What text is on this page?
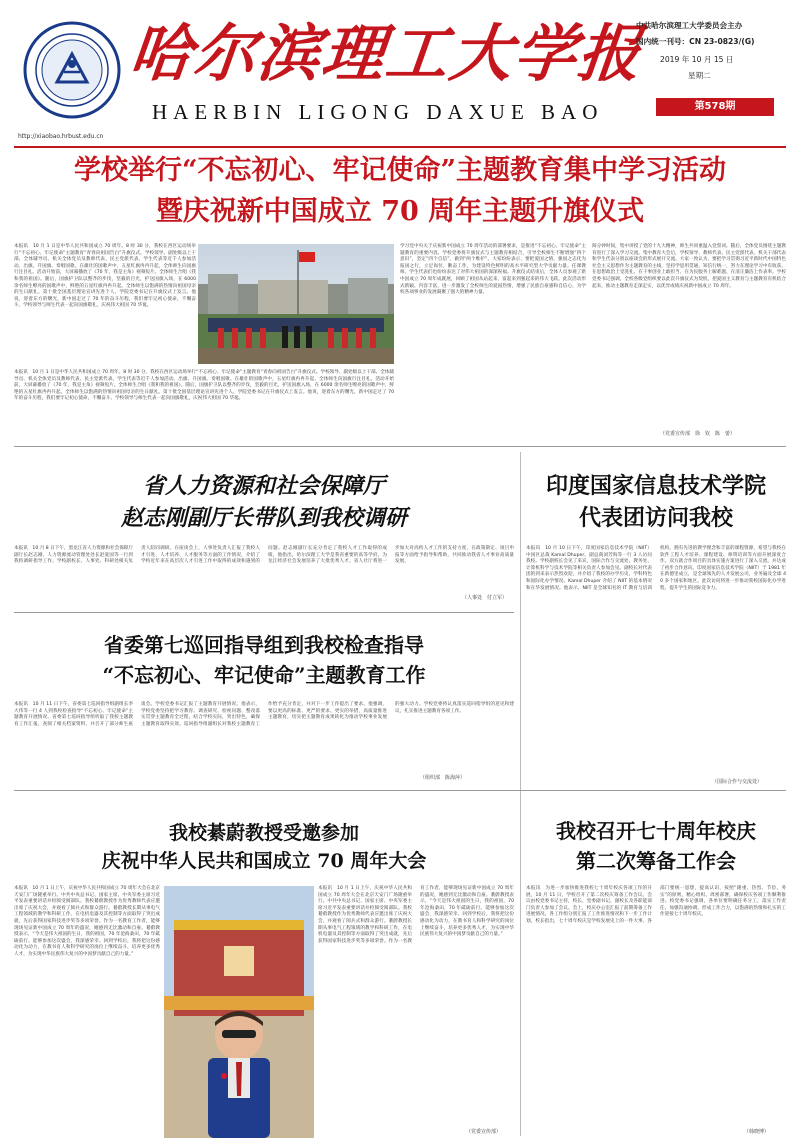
http://xiaobao.hrbust.edu.cn
哈尔滨理工大学报
HAERBIN LIGONG DAXUE BAO
中共哈尔滨理工大学委员会主办
国内统一刊号：CN 23-0823/(G)
2019 年 10 月 15 日
星期二
第578期
学校举行“不忘初心、牢记使命”主题教育集中学习活动
暨庆祝新中国成立 70 周年主题升旗仪式
本报讯　10 月 1 日是中华人民共和国成立 70 周年。8 时 30 分，我校在西区运动场举行“不忘初心、牢记使命”主题教育“青春向祖国告白”升旗仪式。学校领导、副处级以上干部、全体辅导员、机关全体党员及教师代表、民主党派代表、学生代表等近千人参加活动。出旗、升国旗、奏唱国歌。在雄壮的国歌声中，五星红旗冉冉升起，全体师生向国旗行注目礼。活动开始前，大屏幕播放了《70 年，我是主角》视频短片。全体师生合唱《我和我的祖国》。随后，国旗护卫队以整齐的步伐，坚毅的目光，护送国旗入场，在 6000 余名师生嘹亮的国歌声中，鲜艳的五星红旗冉冉升起。全体师生以饱满的热情向祖国母亲的生日献礼。第十批全国基层理论宣讲先进个人、学院党委书记在升旗仪式上发言。他说，迎着东方的曙光，新中国走过了 70 年的奋斗历程，我们要牢记初心使命，不懈奋斗。学校领导与师生代表一起向国旗敬礼，庆祝伟大祖国 70 华诞。
本报讯　10 月 1 日是中华人民共和国成立 70 周年。8 时 30 分，我校在西区运动场举行“不忘初心、牢记使命”主题教育“青春向祖国告白”升旗仪式。学校领导、副处级以上干部、全体辅导员、机关全体党员及教师代表、民主党派代表、学生代表等近千人参加活动。出旗、升国旗、奏唱国歌。在雄壮的国歌声中，五星红旗冉冉升起，全体师生向国旗行注目礼。活动开始前，大屏幕播放了《70 年，我是主角》视频短片。全体师生合唱《我和我的祖国》。随后，国旗护卫队以整齐的步伐，坚毅的目光，护送国旗入场，在 6000 余名师生嘹亮的国歌声中，鲜艳的五星红旗冉冉升起。全体师生以饱满的热情向祖国母亲的生日献礼。第十批全国基层理论宣讲先进个人、学院党委书记在升旗仪式上发言。他说，迎着东方的曙光，新中国走过了 70 年的奋斗历程，我们要牢记初心使命，不懈奋斗。学校领导与师生代表一起向国旗敬礼，庆祝伟大祖国 70 华诞。
学习党中央关于庆祝新中国成立 70 周年活动的部署要求，是推进“不忘初心、牢记使命”主题教育的重要内容。学校党委将升旗仪式与主题教育相结合，引导全校师生不断增强“四个意识”，坚定“四个自信”，做到“两个维护”。大家纷纷表示，要把爱国之情、强国之志化为报国之行，立足岗位，勤奋工作，为建设特色鲜明的高水平研究型大学贡献力量。任课教师、学生代表们也纷纷表达了对伟大祖国的深深祝福。升旗仪式结束后，全体人员参观了新中国成立 70 周年成就展，回顾了祖国从站起来、富起来到强起来的伟大飞跃。此次活动形式新颖、内容丰富，进一步激发了全校师生的爱国热情，增强了民族自豪感和自信心，为学校各项事业的发展凝聚了强大的精神力量。
阅分钟时间，集中讲授了党的十九大精神，师生共同重温入党誓词。随后，全体党员围绕主题教育进行了深入学习交流。集中教育大会后，学校领导、教师代表、民主党派代表、机关干部代表和学生代表分别以座谈会的形式展开交流。大家一致认为，要把学习贯彻习近平新时代中国特色社会主义思想作为主题教育的主线，坚持学思用贯通、知信行统一，努力在理论学习中有收获、在思想政治上受洗礼、在干事创业上敢担当、在为民服务上解难题、在清正廉洁上作表率。学校党委书记强调，全校各级党组织要以此次升旗仪式为契机，把爱国主义教育与主题教育有机结合起来，推动主题教育走深走实，以优异成绩庆祝新中国成立 70 周年。
（党委宣传部　徐　钦　陈　蕾）
省人力资源和社会保障厅
赵志刚副厅长带队到我校调研
本报讯　10 月 8 日下午，黑龙江省人力资源和社会保障厅副厅长赵志刚、人力资源流动管理处处长赵爱国等一行到我校调研指导工作。学校副校长、人事处、科研处相关负责人陪同调研。在座谈会上，人事处负责人汇报了我校人才引进、人才培养、人才服务等方面的工作情况，介绍了学校近年来在高层次人才引进工作中取得的成效和遇到的问题。赵志刚副厅长充分肯定了我校人才工作取得的成绩，他指出，哈尔滨理工大学是我省重要的高等学府，为龙江经济社会发展培养了大批优秀人才。省人社厅将进一步加大对高校人才工作的支持力度，在政策制定、项目申报等方面给予指导和帮助，共同推动我省人才事业高质量发展。
（人事处　付立军）
省委第七巡回指导组到我校检查指导
“不忘初心、牢记使命”主题教育工作
本报讯　10 月 11 日下午，省委第七巡回指导组副组长李大伟等一行 4 人到我校检查指导“不忘初心、牢记使命”主题教育开展情况。省委第七巡回指导组听取了我校主题教育工作汇报，查阅了相关档案资料，并召开了部分师生座谈会。学校党委书记汇报了主题教育开展情况。他表示，学校党委坚持把学习教育、调查研究、检视问题、整改落实贯穿主题教育全过程，结合学校实际，突出特色，确保主题教育取得实效。巡回指导组副组长对我校主题教育工作给予充分肯定，并对下一步工作提出了要求。他强调，要以更高的标准、更严的要求、更实的举措，高质量推进主题教育，切实把主题教育成果转化为推动学校事业发展的强大动力。学校党委将认真落实巡回指导组的意见和建议，扎实推进主题教育各项工作。
（组织部　陈海萍）
印度国家信息技术学院
代表团访问我校
本报讯　10 月 10 日下午，印度国家信息技术学院（NIIT）中国区总裁 Kamal Dhuper、副总裁刘芳海等一行 3 人访问我校。学校副校长会见了来宾，国际合作与交流处、教务处、计算机科学与技术学院等相关负责人参加会见。副校长对代表团的到来表示热烈欢迎，并介绍了我校的办学历史、学科特色和国际化办学情况。Kamal Dhuper 介绍了 NIIT 的基本情况和在华发展情况。他表示，NIIT 是全球知名的 IT 教育与培训机构，拥有先进的教学理念和丰富的课程资源，希望与我校在软件工程人才培养、课程建设、师资培训等方面开展深度合作。双方就合作项目的具体实施方案进行了深入交流，并达成了初步合作意向。印度国家信息技术学院（NIIT）于 1981 年在新德里成立，是全球领先的人才发展公司，业务遍及全球 40 多个国家和地区。此次访问将进一步推动我校国际化办学进程，提升学生的国际竞争力。
（国际合作与交流处）
我校綦蔚教授受邀参加
庆祝中华人民共和国成立 70 周年大会
本报讯　10 月 1 日上午，庆祝中华人民共和国成立 70 周年大会在北京天安门广场隆重举行。中共中央总书记、国家主席、中央军委主席习近平发表重要讲话并检阅受阅部队。我校綦蔚教授作为优秀教师代表应邀出席了庆祝大会，并观看了阅兵式和群众游行。綦蔚教授长期从事电气工程领域的教学和科研工作，在电机电器及其控制等方面取得了突出成就，先后获得国家科技进步奖等多项荣誉。作为一名教育工作者，能够现场见证新中国成立 70 周年的盛况，她感到无比激动和自豪。綦蔚教授表示，“今天是伟大祖国的生日，我的祖国，70 年沧海桑田，70 年砥砺前行。能够参加这次盛会，我深感荣幸。回到学校后，我将把这份感动化为动力，在教书育人和科学研究的岗位上继续奋斗，培养更多优秀人才，为实现中华民族伟大复兴的中国梦贡献自己的力量。”
本报讯　10 月 1 日上午，庆祝中华人民共和国成立 70 周年大会在北京天安门广场隆重举行。中共中央总书记、国家主席、中央军委主席习近平发表重要讲话并检阅受阅部队。我校綦蔚教授作为优秀教师代表应邀出席了庆祝大会，并观看了阅兵式和群众游行。綦蔚教授长期从事电气工程领域的教学和科研工作，在电机电器及其控制等方面取得了突出成就，先后获得国家科技进步奖等多项荣誉。作为一名教育工作者，能够现场见证新中国成立 70 周年的盛况，她感到无比激动和自豪。綦蔚教授表示，“今天是伟大祖国的生日，我的祖国，70 年沧海桑田，70 年砥砺前行。能够参加这次盛会，我深感荣幸。回到学校后，我将把这份感动化为动力，在教书育人和科学研究的岗位上继续奋斗，培养更多优秀人才，为实现中华民族伟大复兴的中国梦贡献自己的力量。”
（党委宣传部）
我校召开七十周年校庆
第二次筹备工作会
本报讯　为进一步加快推进我校七十周年校庆各项工作的开展，10 月 11 日，学校召开了第二次校庆筹备工作会议。会议由校党委书记主持，校长、党委副书记、副校长及各职能部门负责人参加了会议。会上，校庆办公室汇报了前期筹备工作进展情况，各工作组分别汇报了工作推进情况和下一步工作计划。校长指出，七十周年校庆是学校发展史上的一件大事，各部门要统一思想，提高认识，按照“隆重、热烈、节俭、务实”的原则，精心组织、周密部署，确保校庆各项工作顺利推进。校党委书记强调，各单位要明确任务分工，落实工作责任，加强沟通协调，形成工作合力，以饱满的热情和扎实的工作迎接七十周年校庆。
（韩晓博）
